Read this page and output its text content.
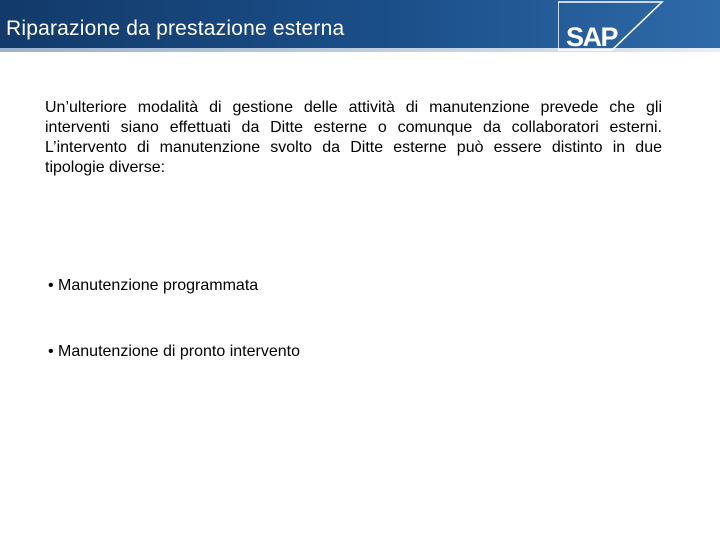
Riparazione da prestazione esterna	SAP

Un’ulteriore modalità di gestione delle attività di manutenzione prevede che gli interventi siano effettuati da Ditte esterne o comunque da collaboratori esterni. L’intervento di manutenzione svolto da Ditte esterne può essere distinto in due tipologie diverse:

• Manutenzione programmata

• Manutenzione di pronto intervento
